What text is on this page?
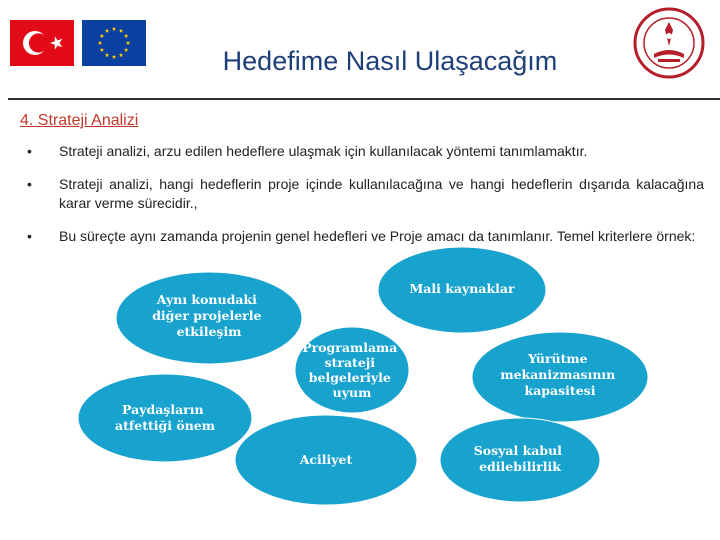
Hedefime Nasıl Ulaşacağım
4. Strateji Analizi
• Strateji analizi, arzu edilen hedeflere ulaşmak için kullanılacak yöntemi tanımlamaktır.
• Strateji analizi, hangi hedeflerin proje içinde kullanılacağına ve hangi hedeflerin dışarıda kalacağına karar verme sürecidir.,
• Bu süreçte aynı zamanda projenin genel hedefleri ve Proje amacı da tanımlanır. Temel kriterlere örnek:
Aynı konudaki diğer projelerle etkileşim
Mali kaynaklar
Programlama strateji belgeleriyle uyum
Yürütme mekanizmasının kapasitesi
Paydaşların atfettiği önem
Aciliyet
Sosyal kabul edilebilirlik
